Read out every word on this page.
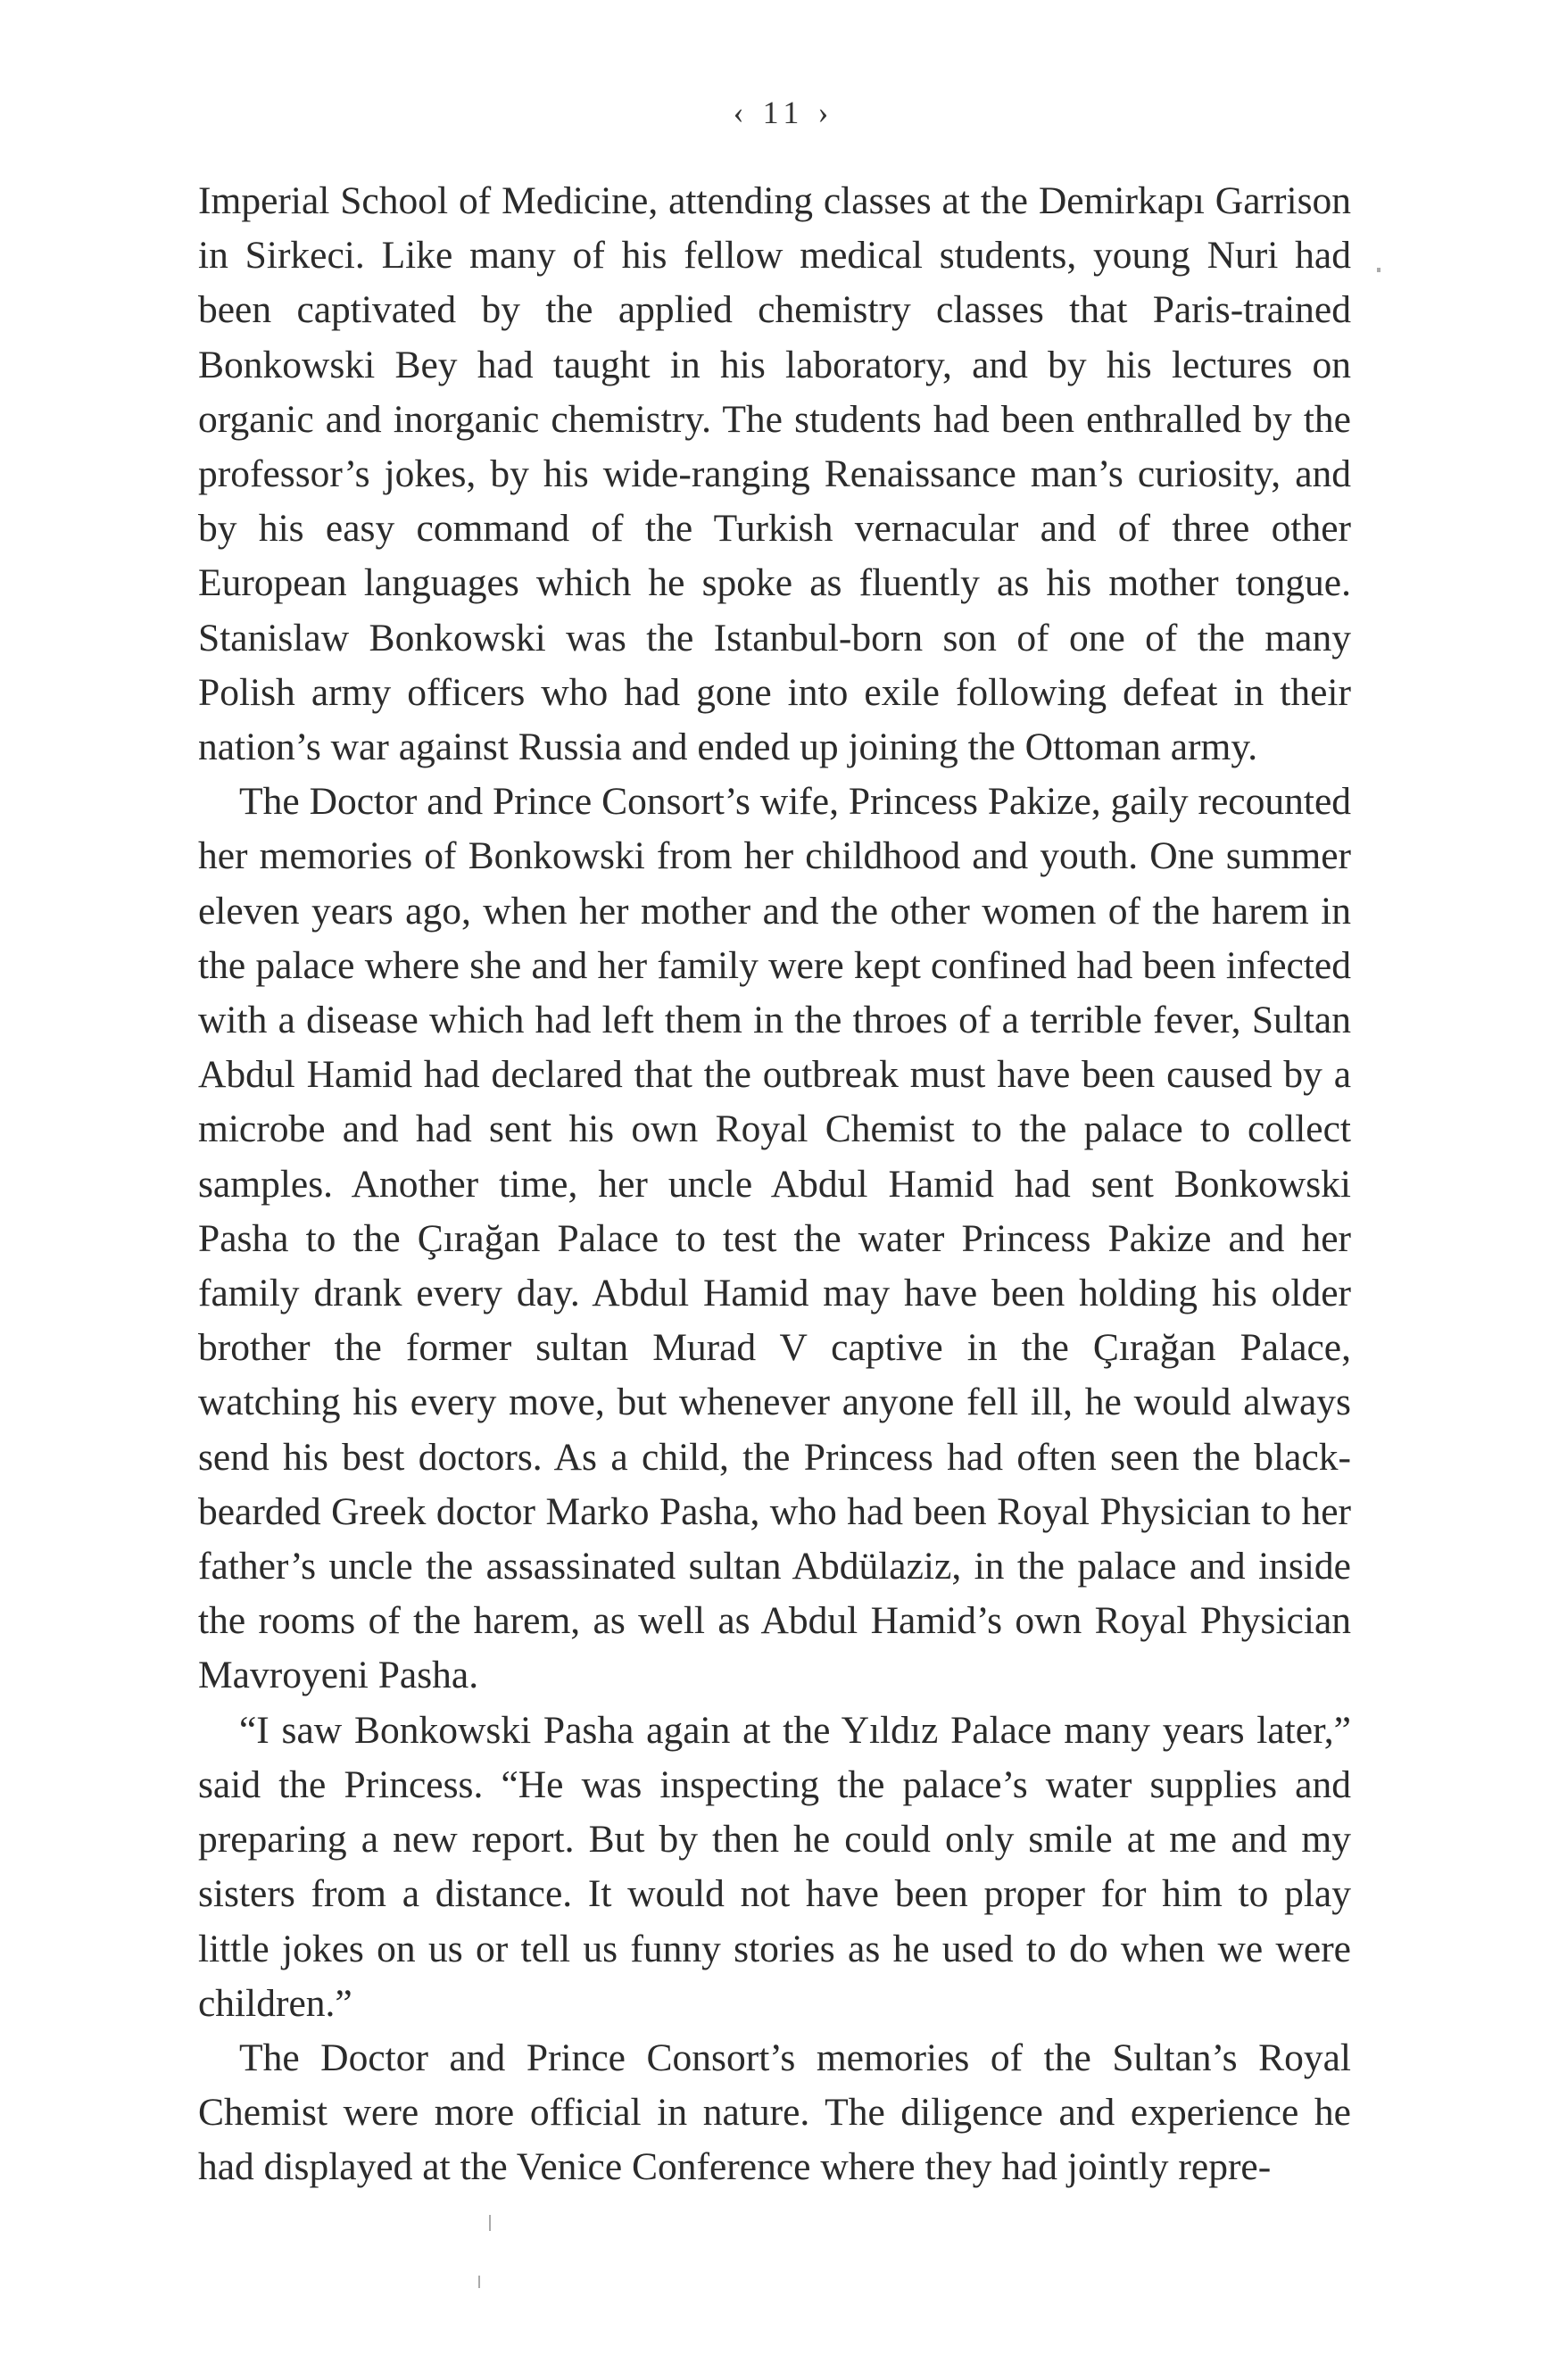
‹ 11 ›

Imperial School of Medicine, attending classes at the Demirkapı Garrison in Sirkeci. Like many of his fellow medical students, young Nuri had been captivated by the applied chemistry classes that Paris-trained Bonkowski Bey had taught in his laboratory, and by his lectures on organic and inorganic chemistry. The students had been enthralled by the professor’s jokes, by his wide-ranging Renaissance man’s curiosity, and by his easy command of the Turkish vernacular and of three other European languages which he spoke as fluently as his mother tongue. Stanislaw Bonkowski was the Istanbul-born son of one of the many Polish army officers who had gone into exile following defeat in their nation’s war against Russia and ended up joining the Ottoman army.

The Doctor and Prince Consort’s wife, Princess Pakize, gaily recounted her memories of Bonkowski from her childhood and youth. One summer eleven years ago, when her mother and the other women of the harem in the palace where she and her family were kept confined had been infected with a disease which had left them in the throes of a terrible fever, Sultan Abdul Hamid had declared that the outbreak must have been caused by a microbe and had sent his own Royal Chemist to the palace to collect samples. Another time, her uncle Abdul Hamid had sent Bonkowski Pasha to the Çırağan Palace to test the water Princess Pakize and her family drank every day. Abdul Hamid may have been holding his older brother the former sultan Murad V captive in the Çırağan Palace, watching his every move, but whenever anyone fell ill, he would always send his best doctors. As a child, the Princess had often seen the black-bearded Greek doctor Marko Pasha, who had been Royal Physician to her father’s uncle the assassinated sultan Abdülaziz, in the palace and inside the rooms of the harem, as well as Abdul Hamid’s own Royal Physician Mavroyeni Pasha.

“I saw Bonkowski Pasha again at the Yıldız Palace many years later,” said the Princess. “He was inspecting the palace’s water supplies and preparing a new report. But by then he could only smile at me and my sisters from a distance. It would not have been proper for him to play little jokes on us or tell us funny stories as he used to do when we were children.”

The Doctor and Prince Consort’s memories of the Sultan’s Royal Chemist were more official in nature. The diligence and experience he had displayed at the Venice Conference where they had jointly repre-
